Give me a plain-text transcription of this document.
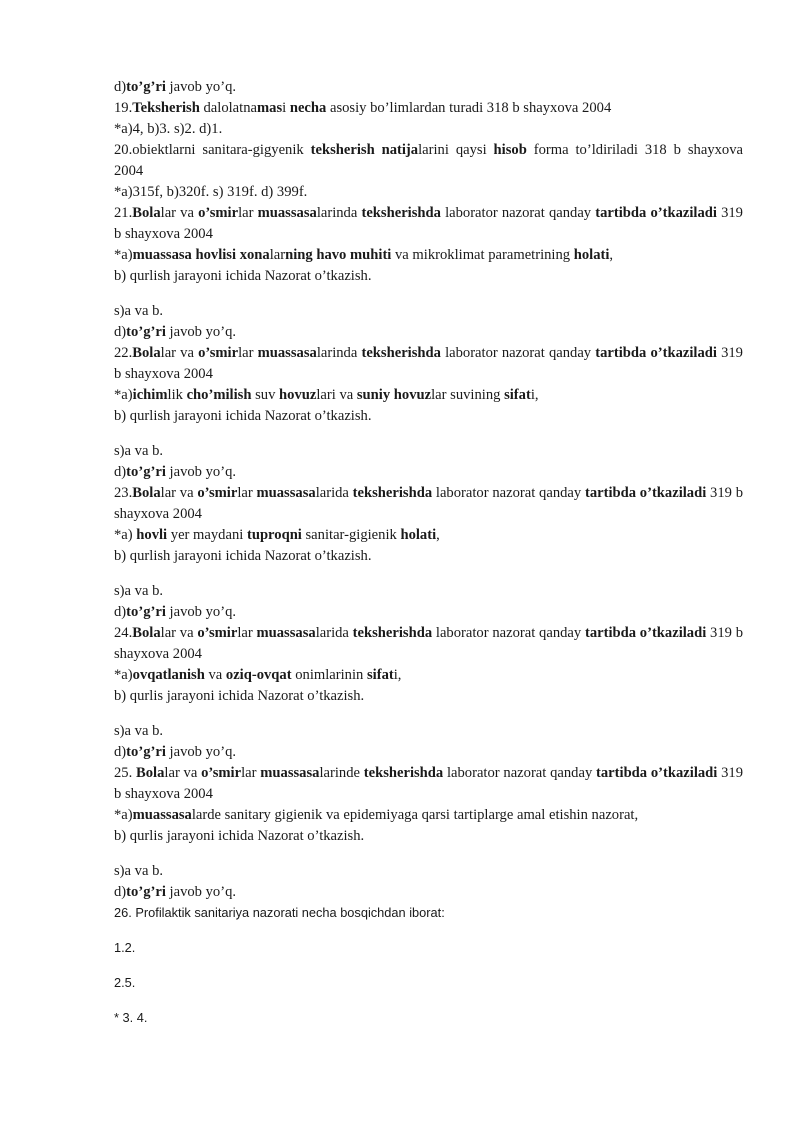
d)to’g’ri javob yo’q.
19.Teksherish dalolatnamasi necha asosiy bo’limlardan turadi 318 b shayxova 2004
*a)4, b)3. s)2. d)1.
20.obiektlarni sanitara-gigyenik teksherish natijalarini qaysi hisob forma to’ldiriladi 318 b shayxova 2004
*a)315f, b)320f. s) 319f. d) 399f.
21.Bolalar va o’smirlar muassasalarinda teksherishda laborator nazorat qanday tartibda o’tkaziladi 319 b shayxova 2004
*a)muassasa hovlisi xonalarning havo muhiti va mikroklimat parametrining holati,
b) qurlish jarayoni ichida Nazorat o’tkazish.
s)a va b.
d)to’g’ri javob yo’q.
22.Bolalar va o’smirlar muassasalarinda teksherishda laborator nazorat qanday tartibda o’tkaziladi 319 b shayxova 2004
*a)ichimlik cho’milish suv hovuzlari va suniy hovuzlar suvining sifati,
b) qurlish jarayoni ichida Nazorat o’tkazish.
s)a va b.
d)to’g’ri javob yo’q.
23.Bolalar va o’smirlar muassasalarida teksherishda laborator nazorat qanday tartibda o’tkaziladi 319 b shayxova 2004
*a) hovli yer maydani tuproqni sanitar-gigienik holati,
b) qurlish jarayoni ichida Nazorat o’tkazish.
s)a va b.
d)to’g’ri javob yo’q.
24.Bolalar va o’smirlar muassasalarida teksherishda laborator nazorat qanday tartibda o’tkaziladi 319 b shayxova 2004
*a)ovqatlanish va oziq-ovqat onimlarinin sifati,
b) qurlis jarayoni ichida Nazorat o’tkazish.
s)a va b.
d)to’g’ri javob yo’q.
25. Bolalar va o’smirlar muassasalarinde teksherishda laborator nazorat qanday tartibda o’tkaziladi 319 b shayxova 2004
*a)muassasalarde sanitary gigienik va epidemiyaga qarsi tartiplarge amal etishin nazorat,
b) qurlis jarayoni ichida Nazorat o’tkazish.
s)a va b.
d)to’g’ri javob yo’q.
26. Profilaktik sanitariya nazorati necha bosqichdan iborat:
1.2.
2.5.
* 3. 4.
